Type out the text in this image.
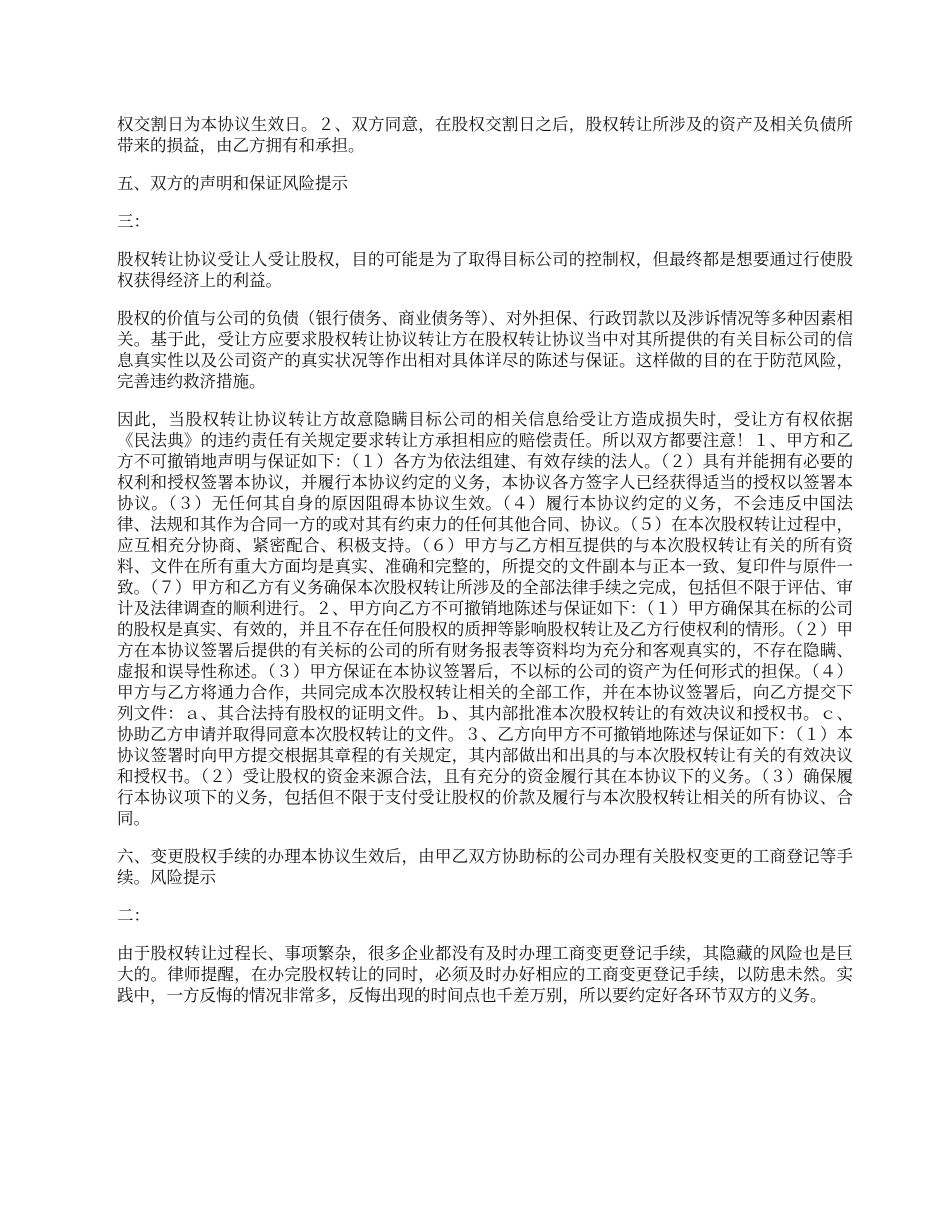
权交割日为本协议生效日。２、双方同意，在股权交割日之后，股权转让所涉及的资产及相关负债所带来的损益，由乙方拥有和承担。

五、双方的声明和保证风险提示

三：

股权转让协议受让人受让股权，目的可能是为了取得目标公司的控制权，但最终都是想要通过行使股权获得经济上的利益。

股权的价值与公司的负债（银行债务、商业债务等）、对外担保、行政罚款以及涉诉情况等多种因素相关。基于此，受让方应要求股权转让协议转让方在股权转让协议当中对其所提供的有关目标公司的信息真实性以及公司资产的真实状况等作出相对具体详尽的陈述与保证。这样做的目的在于防范风险，完善违约救济措施。

因此，当股权转让协议转让方故意隐瞒目标公司的相关信息给受让方造成损失时，受让方有权依据《民法典》的违约责任有关规定要求转让方承担相应的赔偿责任。所以双方都要注意！１、甲方和乙方不可撤销地声明与保证如下：（１）各方为依法组建、有效存续的法人。（２）具有并能拥有必要的权利和授权签署本协议，并履行本协议约定的义务，本协议各方签字人已经获得适当的授权以签署本协议。（３）无任何其自身的原因阻碍本协议生效。（４）履行本协议约定的义务，不会违反中国法律、法规和其作为合同一方的或对其有约束力的任何其他合同、协议。（５）在本次股权转让过程中，应互相充分协商、紧密配合、积极支持。（６）甲方与乙方相互提供的与本次股权转让有关的所有资料、文件在所有重大方面均是真实、准确和完整的，所提交的文件副本与正本一致、复印件与原件一致。（７）甲方和乙方有义务确保本次股权转让所涉及的全部法律手续之完成，包括但不限于评估、审计及法律调查的顺利进行。２、甲方向乙方不可撤销地陈述与保证如下：（１）甲方确保其在标的公司的股权是真实、有效的，并且不存在任何股权的质押等影响股权转让及乙方行使权利的情形。（２）甲方在本协议签署后提供的有关标的公司的所有财务报表等资料均为充分和客观真实的，不存在隐瞒、虚报和误导性称述。（３）甲方保证在本协议签署后，不以标的公司的资产为任何形式的担保。（４）甲方与乙方将通力合作，共同完成本次股权转让相关的全部工作，并在本协议签署后，向乙方提交下列文件：ａ、其合法持有股权的证明文件。ｂ、其内部批准本次股权转让的有效决议和授权书。ｃ、协助乙方申请并取得同意本次股权转让的文件。３、乙方向甲方不可撤销地陈述与保证如下：（１）本协议签署时向甲方提交根据其章程的有关规定，其内部做出和出具的与本次股权转让有关的有效决议和授权书。（２）受让股权的资金来源合法，且有充分的资金履行其在本协议下的义务。（３）确保履行本协议项下的义务，包括但不限于支付受让股权的价款及履行与本次股权转让相关的所有协议、合同。

六、变更股权手续的办理本协议生效后，由甲乙双方协助标的公司办理有关股权变更的工商登记等手续。风险提示

二：

由于股权转让过程长、事项繁杂，很多企业都没有及时办理工商变更登记手续，其隐藏的风险也是巨大的。律师提醒，在办完股权转让的同时，必须及时办好相应的工商变更登记手续，以防患未然。实践中，一方反悔的情况非常多，反悔出现的时间点也千差万别，所以要约定好各环节双方的义务。
